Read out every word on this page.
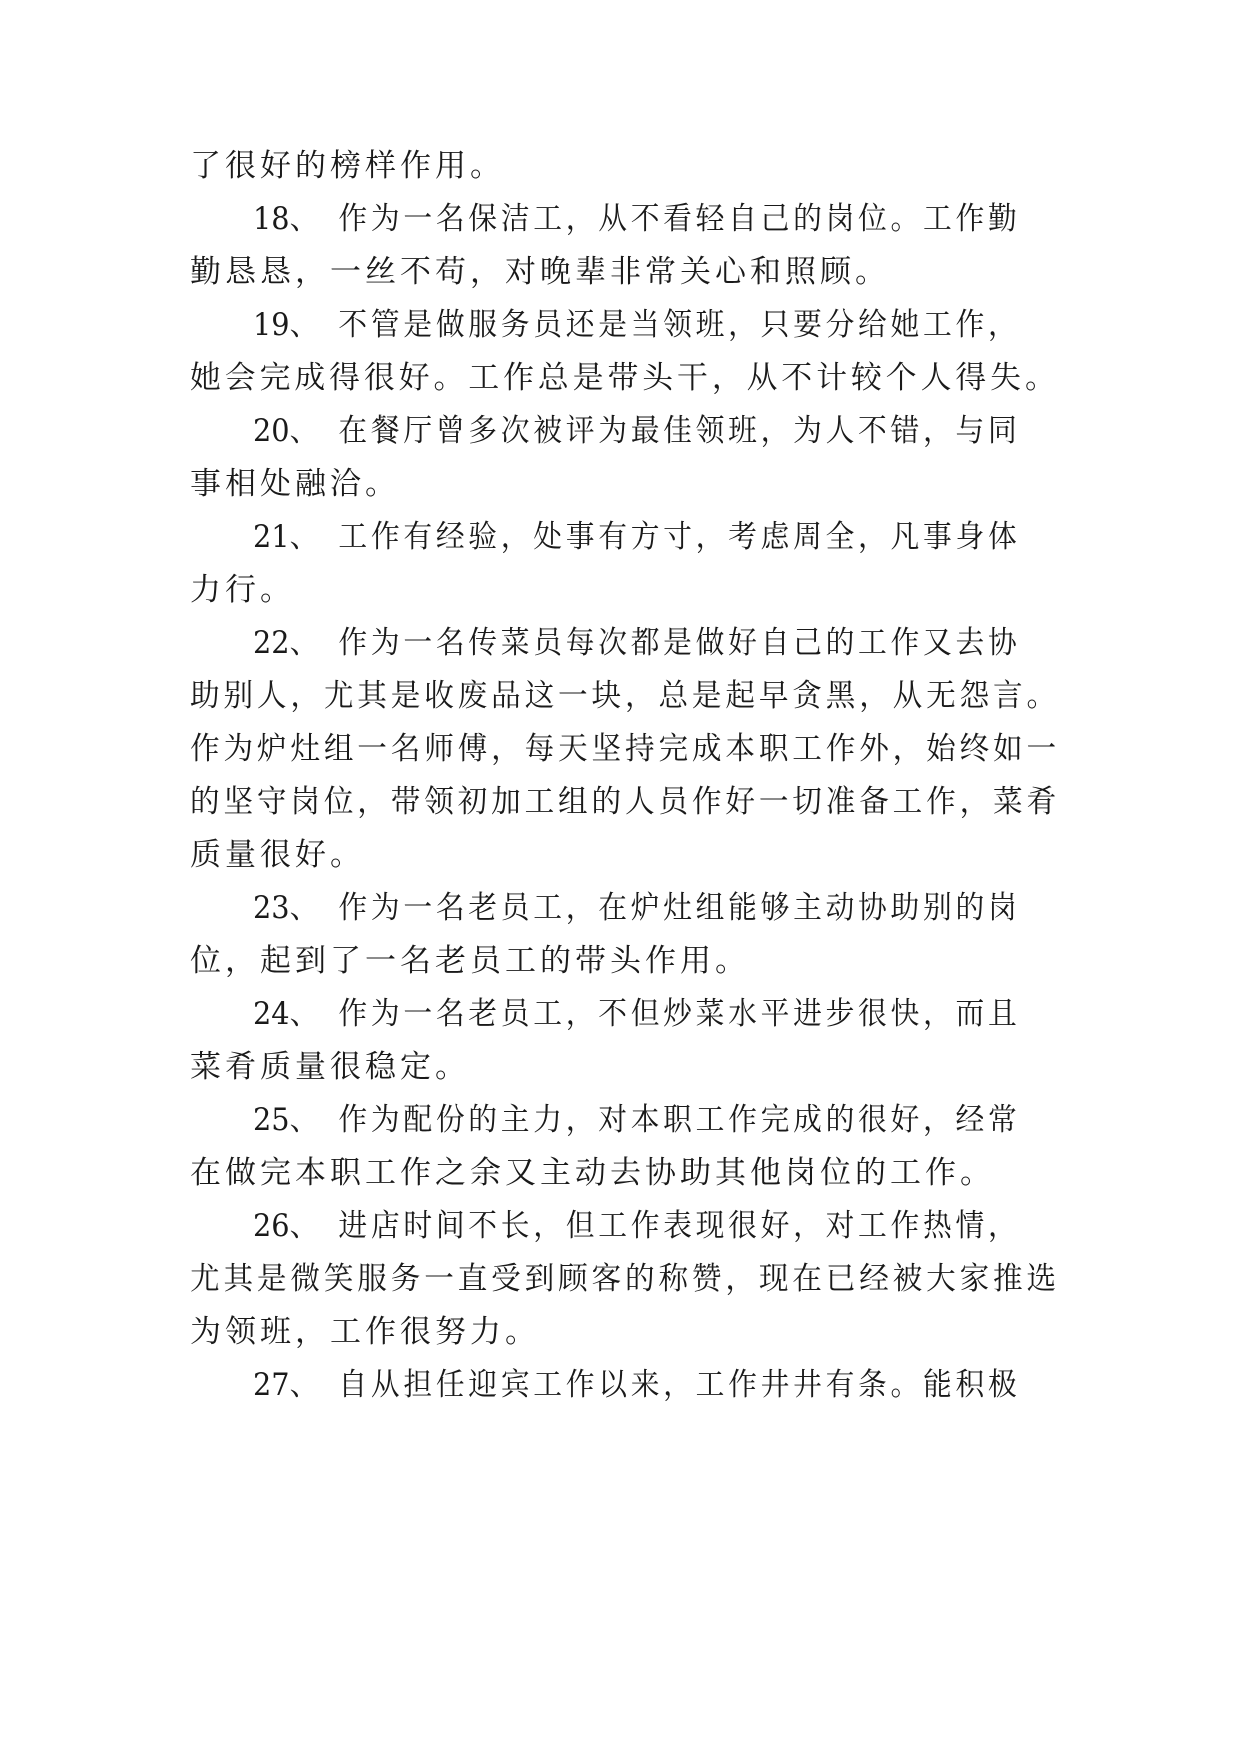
了很好的榜样作用。
18、 作为一名保洁工，从不看轻自己的岗位。工作勤
勤恳恳，一丝不苟，对晚辈非常关心和照顾。
19、 不管是做服务员还是当领班，只要分给她工作，
她会完成得很好。工作总是带头干，从不计较个人得失。
20、 在餐厅曾多次被评为最佳领班，为人不错，与同
事相处融洽。
21、 工作有经验，处事有方寸，考虑周全，凡事身体
力行。
22、 作为一名传菜员每次都是做好自己的工作又去协
助别人，尤其是收废品这一块，总是起早贪黑，从无怨言。
作为炉灶组一名师傅，每天坚持完成本职工作外，始终如一
的坚守岗位，带领初加工组的人员作好一切准备工作，菜肴
质量很好。
23、 作为一名老员工，在炉灶组能够主动协助别的岗
位，起到了一名老员工的带头作用。
24、 作为一名老员工，不但炒菜水平进步很快，而且
菜肴质量很稳定。
25、 作为配份的主力，对本职工作完成的很好，经常
在做完本职工作之余又主动去协助其他岗位的工作。
26、 进店时间不长，但工作表现很好，对工作热情，
尤其是微笑服务一直受到顾客的称赞，现在已经被大家推选
为领班，工作很努力。
27、 自从担任迎宾工作以来，工作井井有条。能积极
